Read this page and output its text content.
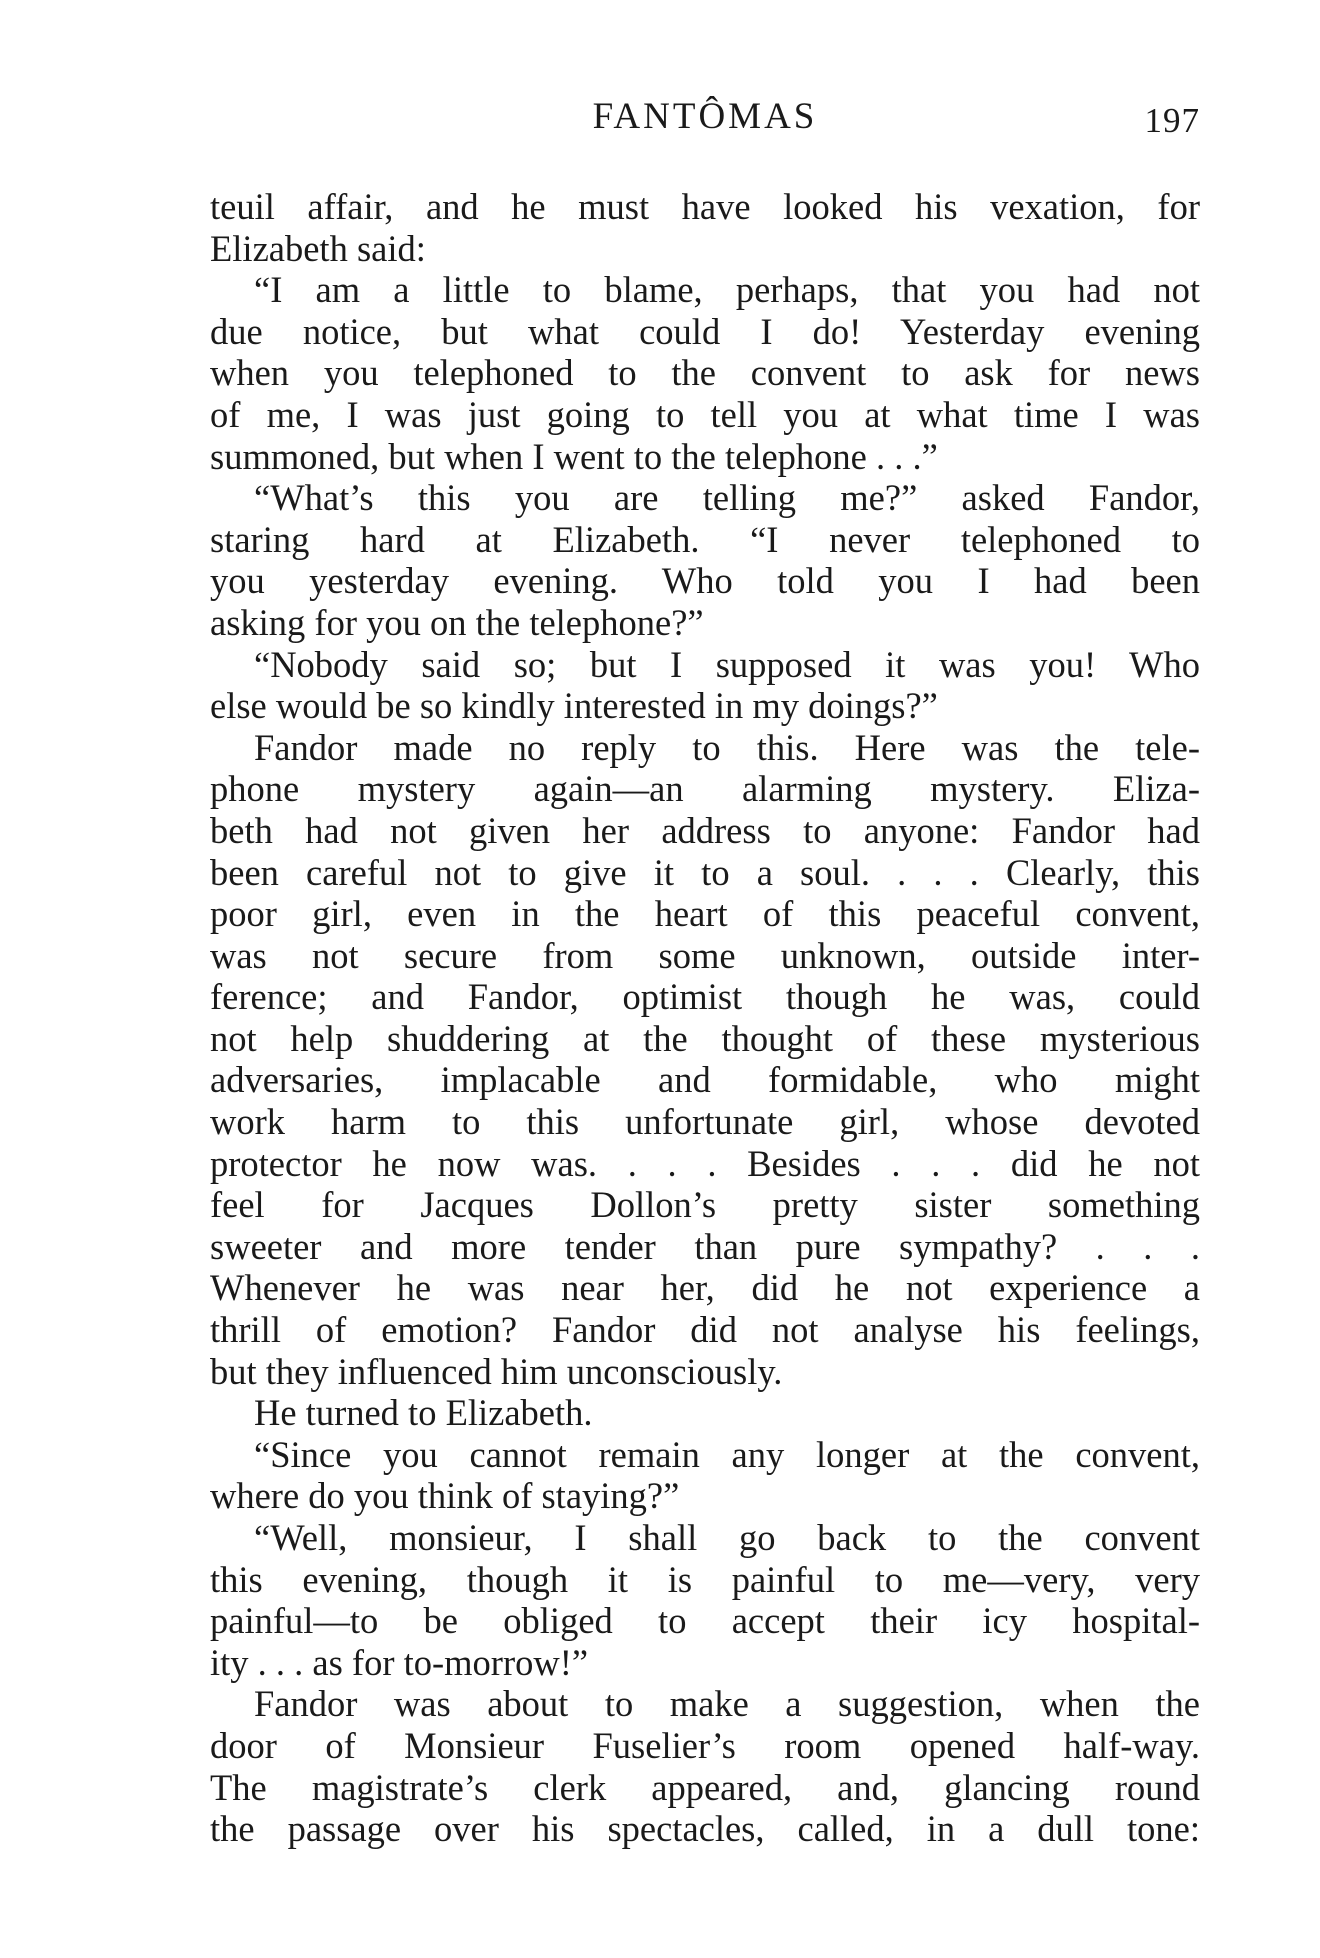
FANTÔMAS	197
teuil affair, and he must have looked his vexation, for
Elizabeth said:
“I am a little to blame, perhaps, that you had not
due notice, but what could I do! Yesterday evening
when you telephoned to the convent to ask for news
of me, I was just going to tell you at what time I was
summoned, but when I went to the telephone . . .”
“What’s this you are telling me?” asked Fandor,
staring hard at Elizabeth. “I never telephoned to
you yesterday evening. Who told you I had been
asking for you on the telephone?”
“Nobody said so; but I supposed it was you! Who
else would be so kindly interested in my doings?”
Fandor made no reply to this. Here was the tele-
phone mystery again—an alarming mystery. Eliza-
beth had not given her address to anyone: Fandor had
been careful not to give it to a soul. . . . Clearly, this
poor girl, even in the heart of this peaceful convent,
was not secure from some unknown, outside inter-
ference; and Fandor, optimist though he was, could
not help shuddering at the thought of these mysterious
adversaries, implacable and formidable, who might
work harm to this unfortunate girl, whose devoted
protector he now was. . . . Besides . . . did he not
feel for Jacques Dollon’s pretty sister something
sweeter and more tender than pure sympathy? . . .
Whenever he was near her, did he not experience a
thrill of emotion? Fandor did not analyse his feelings,
but they influenced him unconsciously.
He turned to Elizabeth.
“Since you cannot remain any longer at the convent,
where do you think of staying?”
“Well, monsieur, I shall go back to the convent
this evening, though it is painful to me—very, very
painful—to be obliged to accept their icy hospital-
ity . . . as for to-morrow!”
Fandor was about to make a suggestion, when the
door of Monsieur Fuselier’s room opened half-way.
The magistrate’s clerk appeared, and, glancing round
the passage over his spectacles, called, in a dull tone:
